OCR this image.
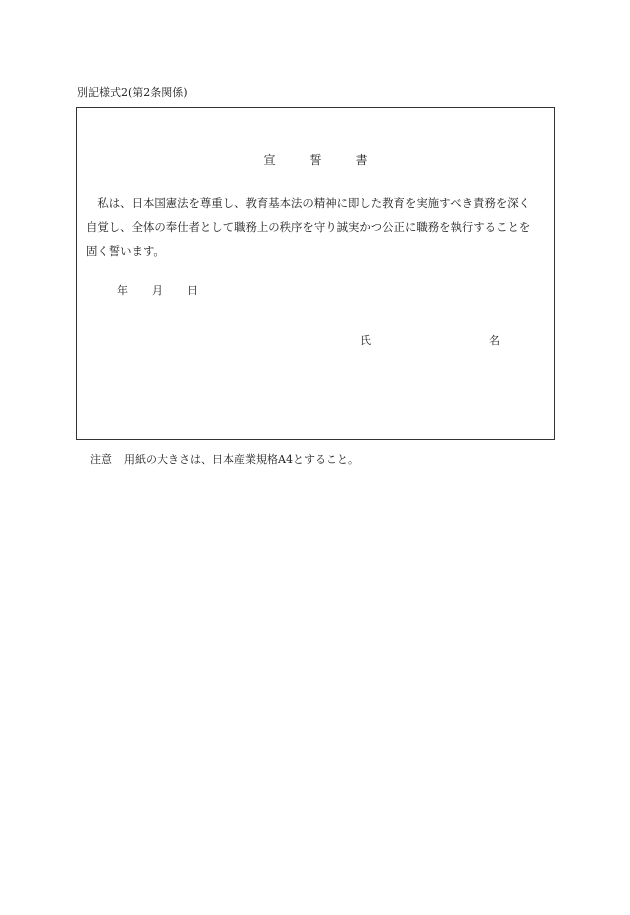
別記様式2(第2条関係)
宣誓書

私は、日本国憲法を尊重し、教育基本法の精神に即した教育を実施すべき責務を深く自覚し、全体の奉仕者として職務上の秩序を守り誠実かつ公正に職務を執行することを固く誓います。

年 月 日
氏	名
注意 用紙の大きさは、日本産業規格A4とすること。
